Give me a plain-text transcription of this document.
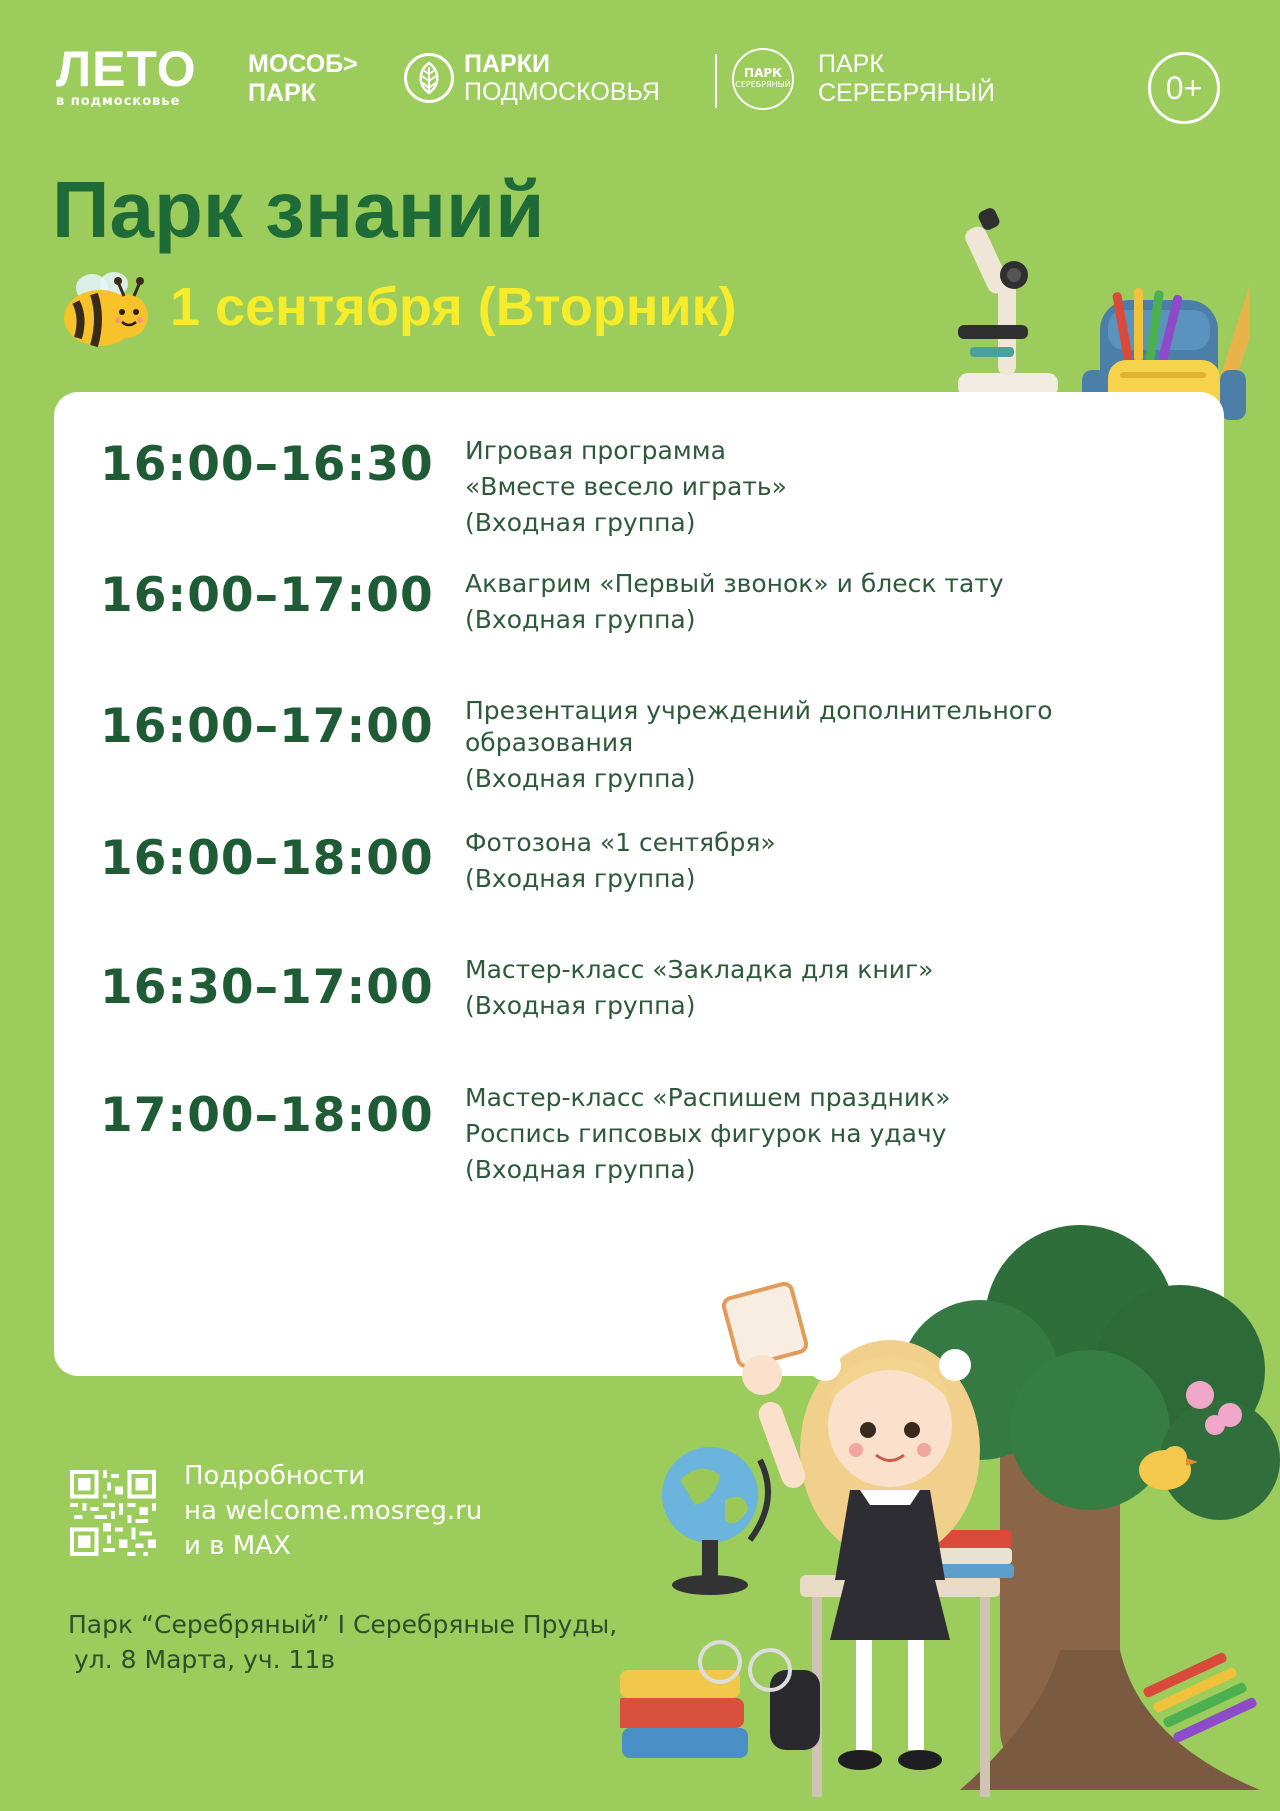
ЛЕТО
в подмосковье
МОСОБ>
ПАРК
ПАРКИ
ПОДМОСКОВЬЯ
ПАРК
СЕРЕБРЯНЫЙ
ПАРК
СЕРЕБРЯНЫЙ	0+
Парк знаний
1 сентября (Вторник)
16:00–16:30 Игровая программа
«Вместе весело играть»
(Входная группа)
16:00–17:00 Аквагрим «Первый звонок» и блеск тату
(Входная группа)
16:00–17:00 Презентация учреждений дополнительного
образования
(Входная группа)
16:00–18:00 Фотозона «1 сентября»
(Входная группа)
16:30–17:00 Мастер-класс «Закладка для книг»
(Входная группа)
17:00–18:00 Мастер-класс «Распишем праздник»
Роспись гипсовых фигурок на удачу
(Входная группа)
Подробности
на welcome.mosreg.ru
и в MAX
Парк “Серебряный” I Серебряные Пруды,
ул. 8 Марта, уч. 11в
